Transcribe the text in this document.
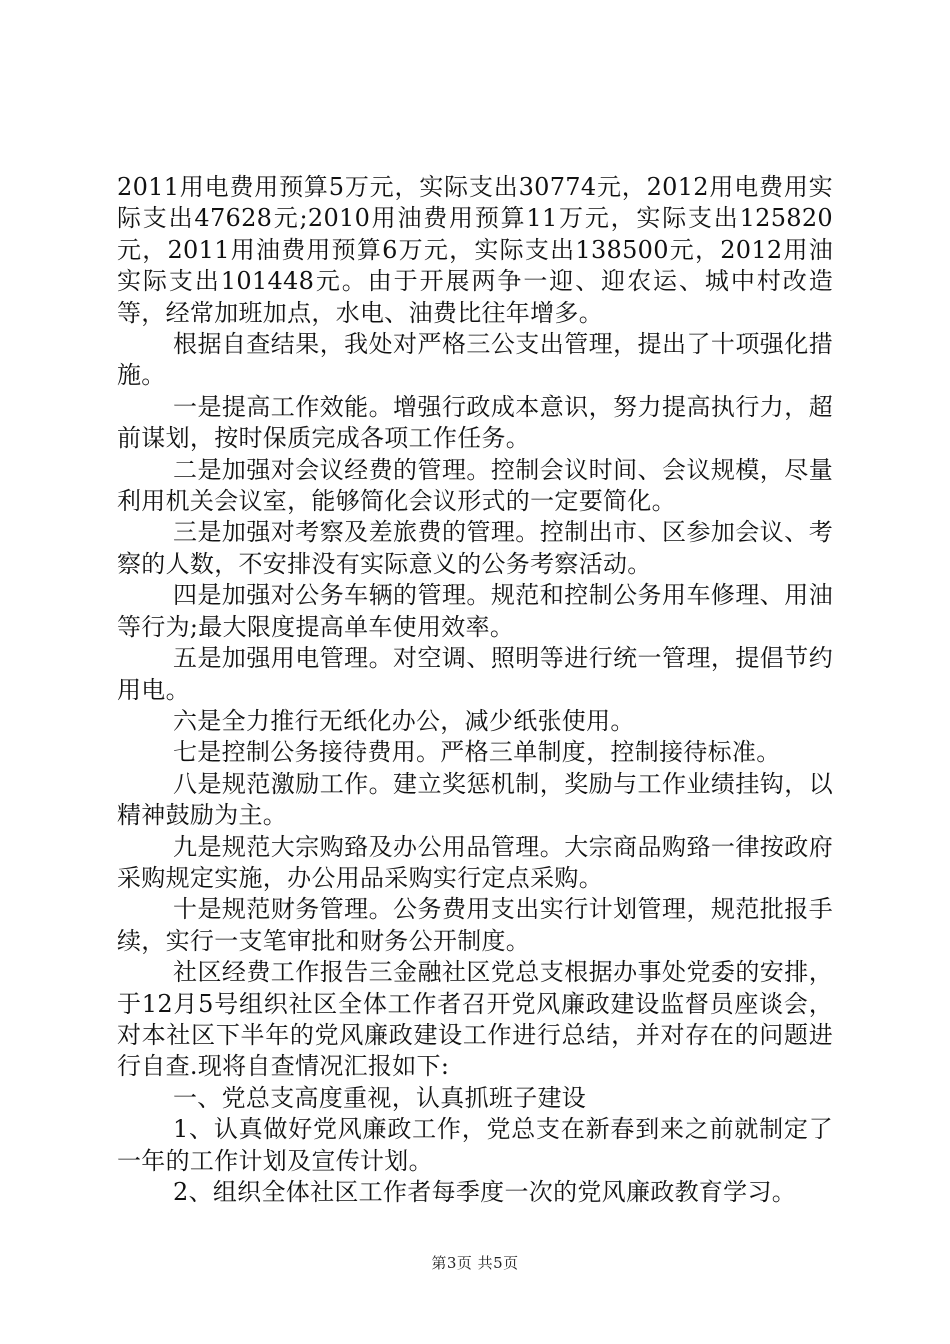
2011用电费用预算5万元，实际支出30774元，2012用电费用实际支出47628元;2010用油费用预算11万元，实际支出125820元，2011用油费用预算6万元，实际支出138500元，2012用油实际支出101448元。由于开展两争一迎、迎农运、城中村改造等，经常加班加点，水电、油费比往年增多。

根据自查结果，我处对严格三公支出管理，提出了十项强化措施。

一是提高工作效能。增强行政成本意识，努力提高执行力，超前谋划，按时保质完成各项工作任务。

二是加强对会议经费的管理。控制会议时间、会议规模，尽量利用机关会议室，能够简化会议形式的一定要简化。

三是加强对考察及差旅费的管理。控制出市、区参加会议、考察的人数，不安排没有实际意义的公务考察活动。

四是加强对公务车辆的管理。规范和控制公务用车修理、用油等行为;最大限度提高单车使用效率。

五是加强用电管理。对空调、照明等进行统一管理，提倡节约用电。

六是全力推行无纸化办公，减少纸张使用。

七是控制公务接待费用。严格三单制度，控制接待标准。

八是规范激励工作。建立奖惩机制，奖励与工作业绩挂钩，以精神鼓励为主。

九是规范大宗购臵及办公用品管理。大宗商品购臵一律按政府采购规定实施，办公用品采购实行定点采购。

十是规范财务管理。公务费用支出实行计划管理，规范批报手续，实行一支笔审批和财务公开制度。

社区经费工作报告三金融社区党总支根据办事处党委的安排，于12月5号组织社区全体工作者召开党风廉政建设监督员座谈会，对本社区下半年的党风廉政建设工作进行总结，并对存在的问题进行自查.现将自查情况汇报如下:

一、党总支高度重视，认真抓班子建设

1、认真做好党风廉政工作，党总支在新春到来之前就制定了一年的工作计划及宣传计划。

2、组织全体社区工作者每季度一次的党风廉政教育学习。

第3页 共5页
